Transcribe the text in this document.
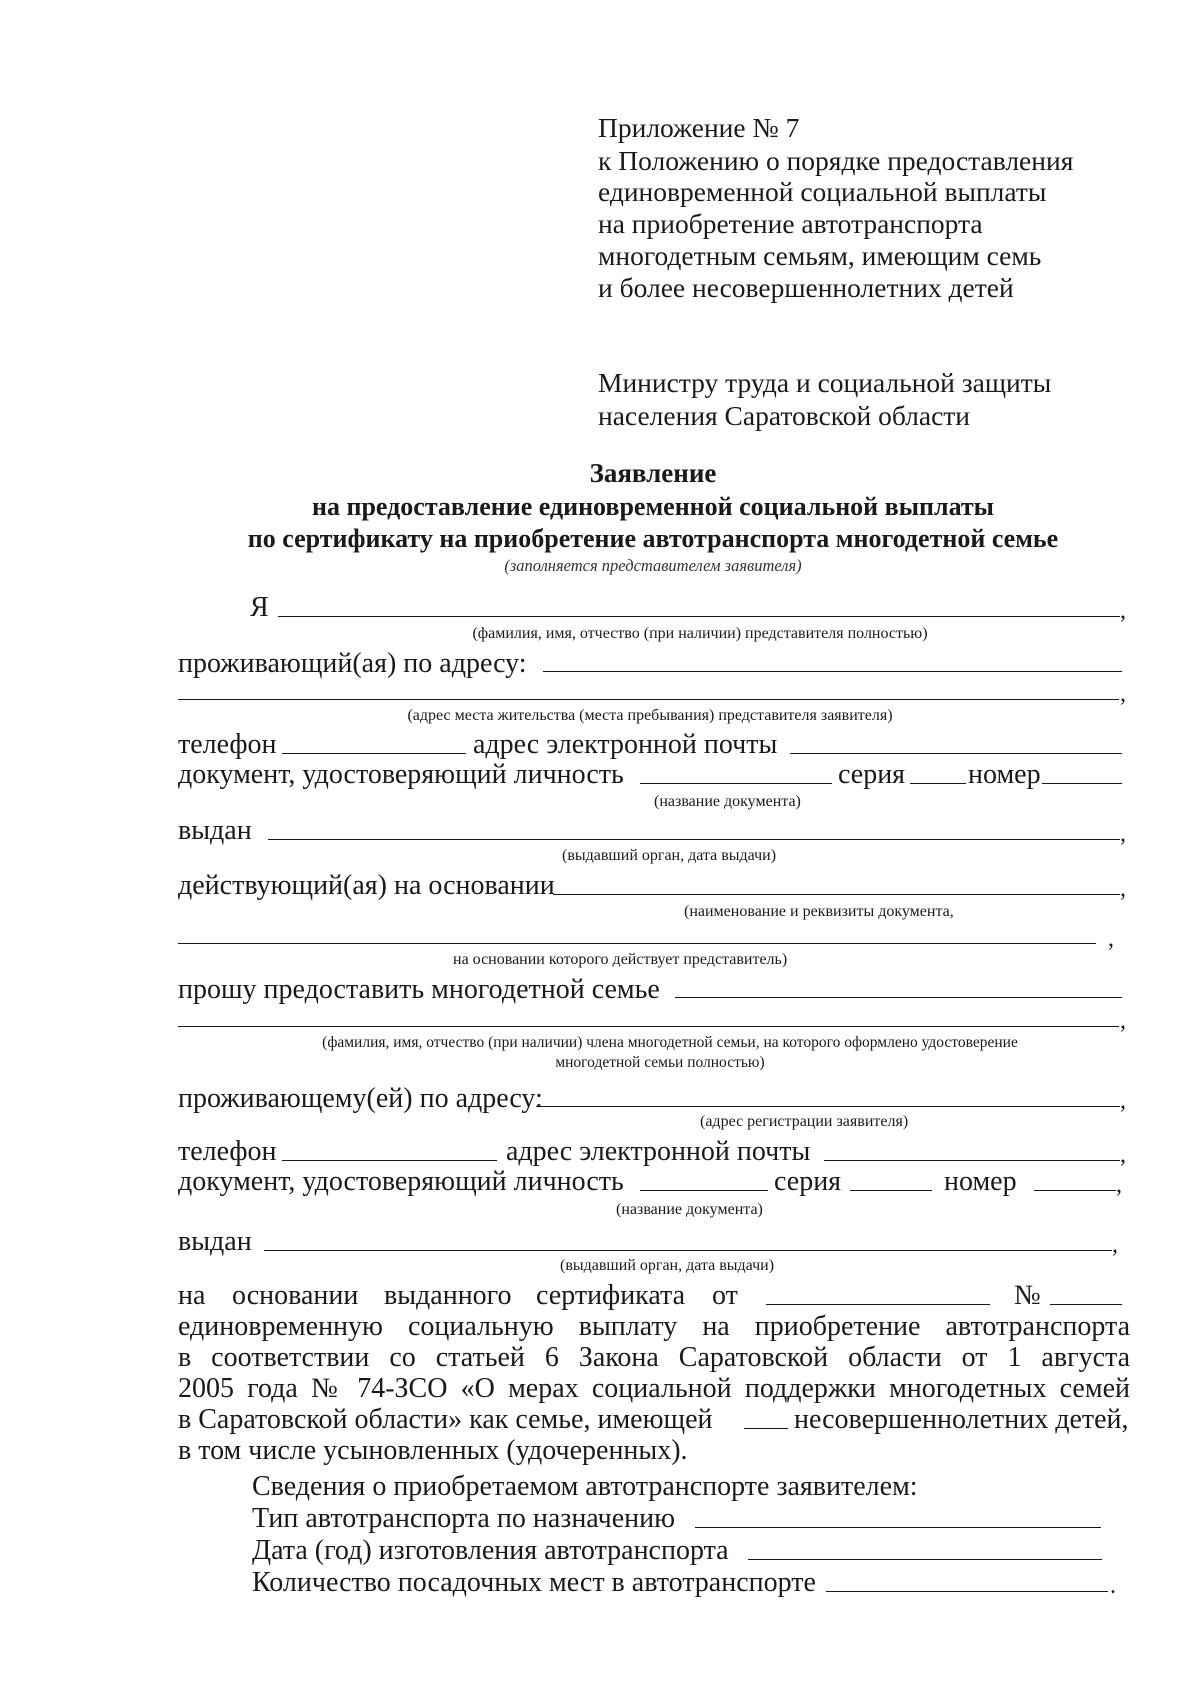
Приложение № 7
к Положению о порядке предоставления
единовременной социальной выплаты
на приобретение автотранспорта
многодетным семьям, имеющим семь
и более несовершеннолетних детей
Министру труда и социальной защиты
населения Саратовской области
Заявление
на предоставление единовременной социальной выплаты
по сертификату на приобретение автотранспорта многодетной семье
(заполняется представителем заявителя)
Я	,
(фамилия, имя, отчество (при наличии) представителя полностью)
проживающий(ая) по адресу:
,
(адрес места жительства (места пребывания) представителя заявителя)
телефон	адрес электронной почты
документ, удостоверяющий личность	серия номер
(название документа)
выдан	,
(выдавший орган, дата выдачи)
действующий(ая) на основании	,
(наименование и реквизиты документа,
,
на основании которого действует представитель)
прошу предоставить многодетной семье
,
(фамилия, имя, отчество (при наличии) члена многодетной семьи, на которого оформлено удостоверение
многодетной семьи полностью)
проживающему(ей) по адресу:	,
(адрес регистрации заявителя)
телефон	адрес электронной почты	,
документ, удостоверяющий личность	серия	номер	,
(название документа)
выдан	,
(выдавший орган, дата выдачи)
на основании выданного сертификата от	№
единовременную социальную выплату на приобретение автотранспорта
в соответствии со статьей 6 Закона Саратовской области от 1 августа
2005 года № 74-ЗСО «О мерах социальной поддержки многодетных семей
в Саратовской области» как семье, имеющей	несовершеннолетних детей,
в том числе усыновленных (удочеренных).
Сведения о приобретаемом автотранспорте заявителем:
Тип автотранспорта по назначению
Дата (год) изготовления автотранспорта
Количество посадочных мест в автотранспорте	.
